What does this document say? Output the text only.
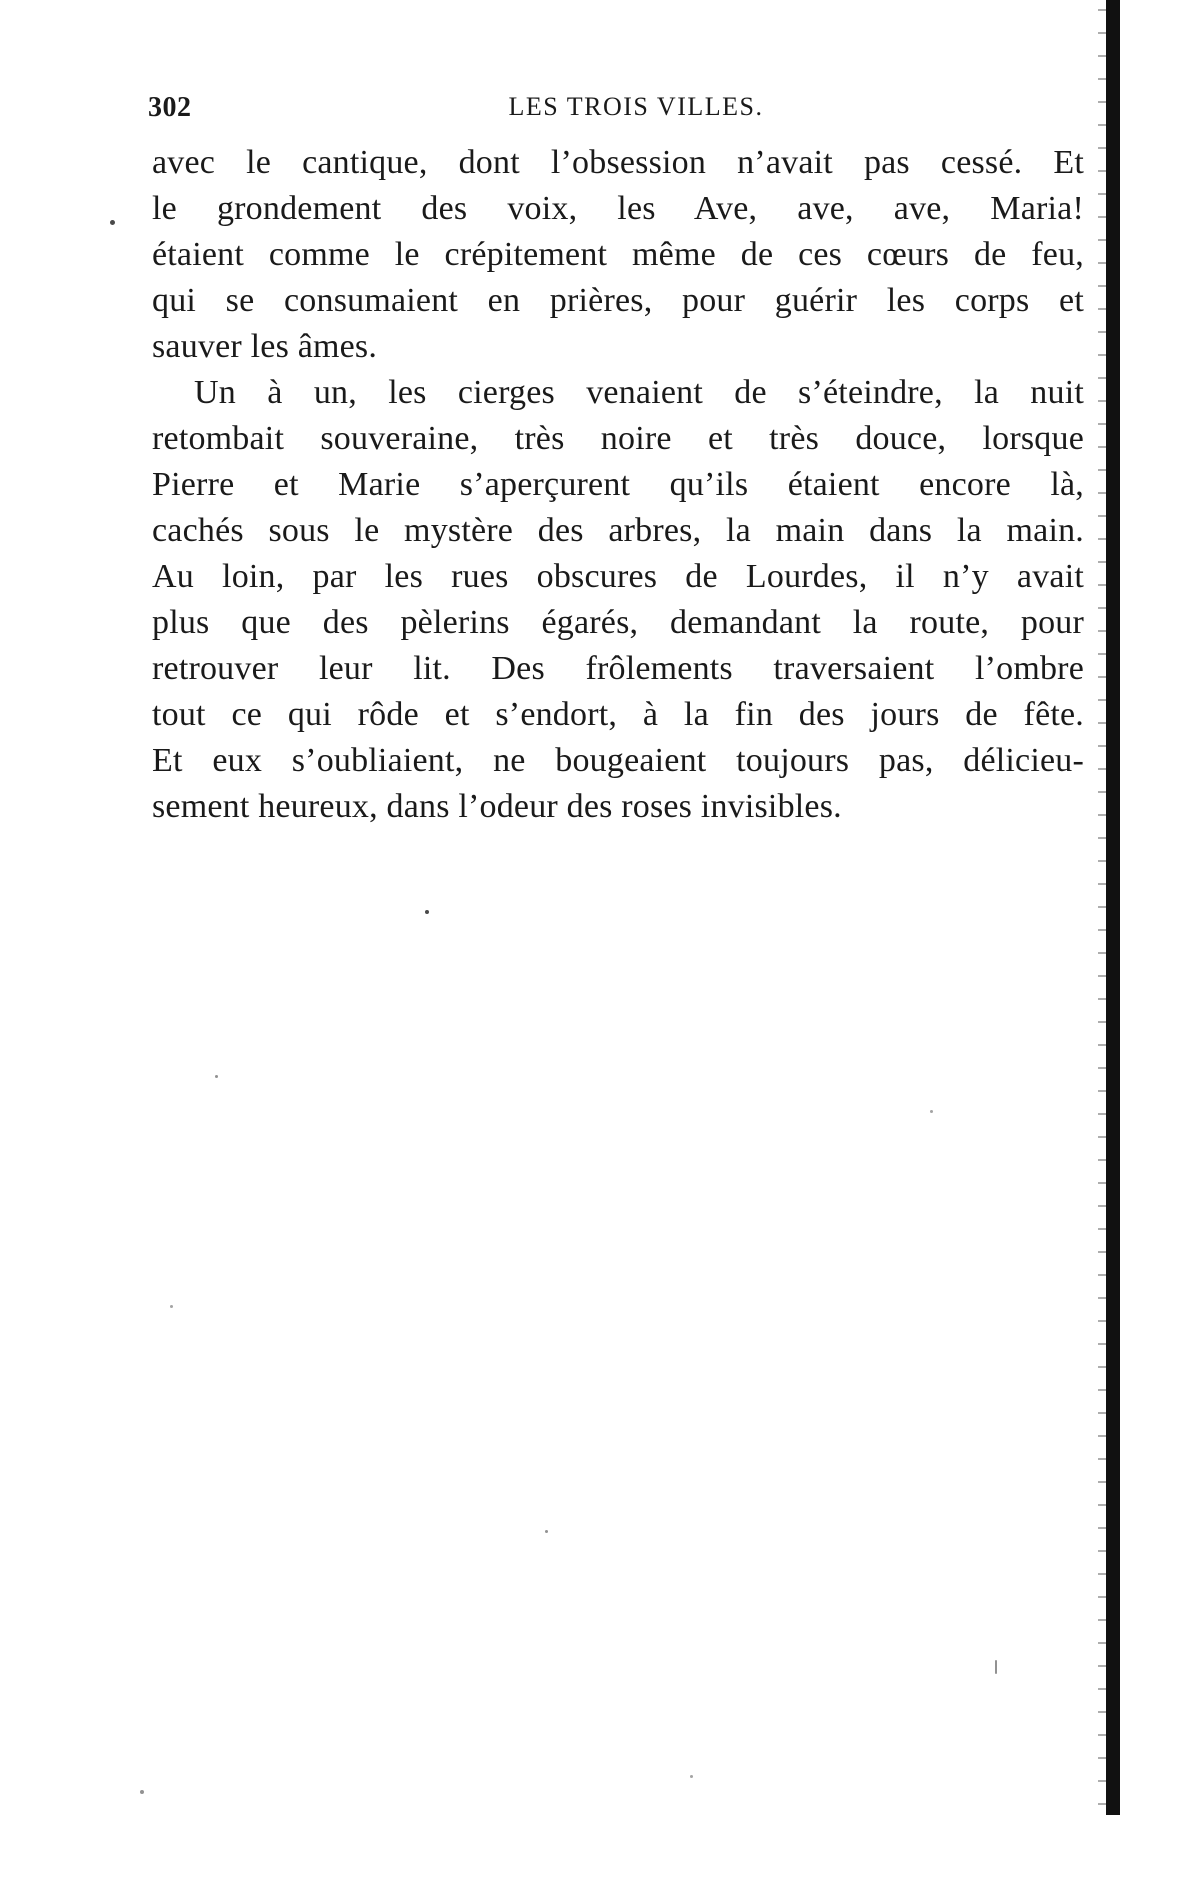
302	LES TROIS VILLES.
avec le cantique, dont l’obsession n’avait pas cessé. Et
le grondement des voix, les Ave, ave, ave, Maria!
étaient comme le crépitement même de ces cœurs de feu,
qui se consumaient en prières, pour guérir les corps et
sauver les âmes.
Un à un, les cierges venaient de s’éteindre, la nuit
retombait souveraine, très noire et très douce, lorsque
Pierre et Marie s’aperçurent qu’ils étaient encore là,
cachés sous le mystère des arbres, la main dans la main.
Au loin, par les rues obscures de Lourdes, il n’y avait
plus que des pèlerins égarés, demandant la route, pour
retrouver leur lit. Des frôlements traversaient l’ombre
tout ce qui rôde et s’endort, à la fin des jours de fête.
Et eux s’oubliaient, ne bougeaient toujours pas, délicieu-
sement heureux, dans l’odeur des roses invisibles.
